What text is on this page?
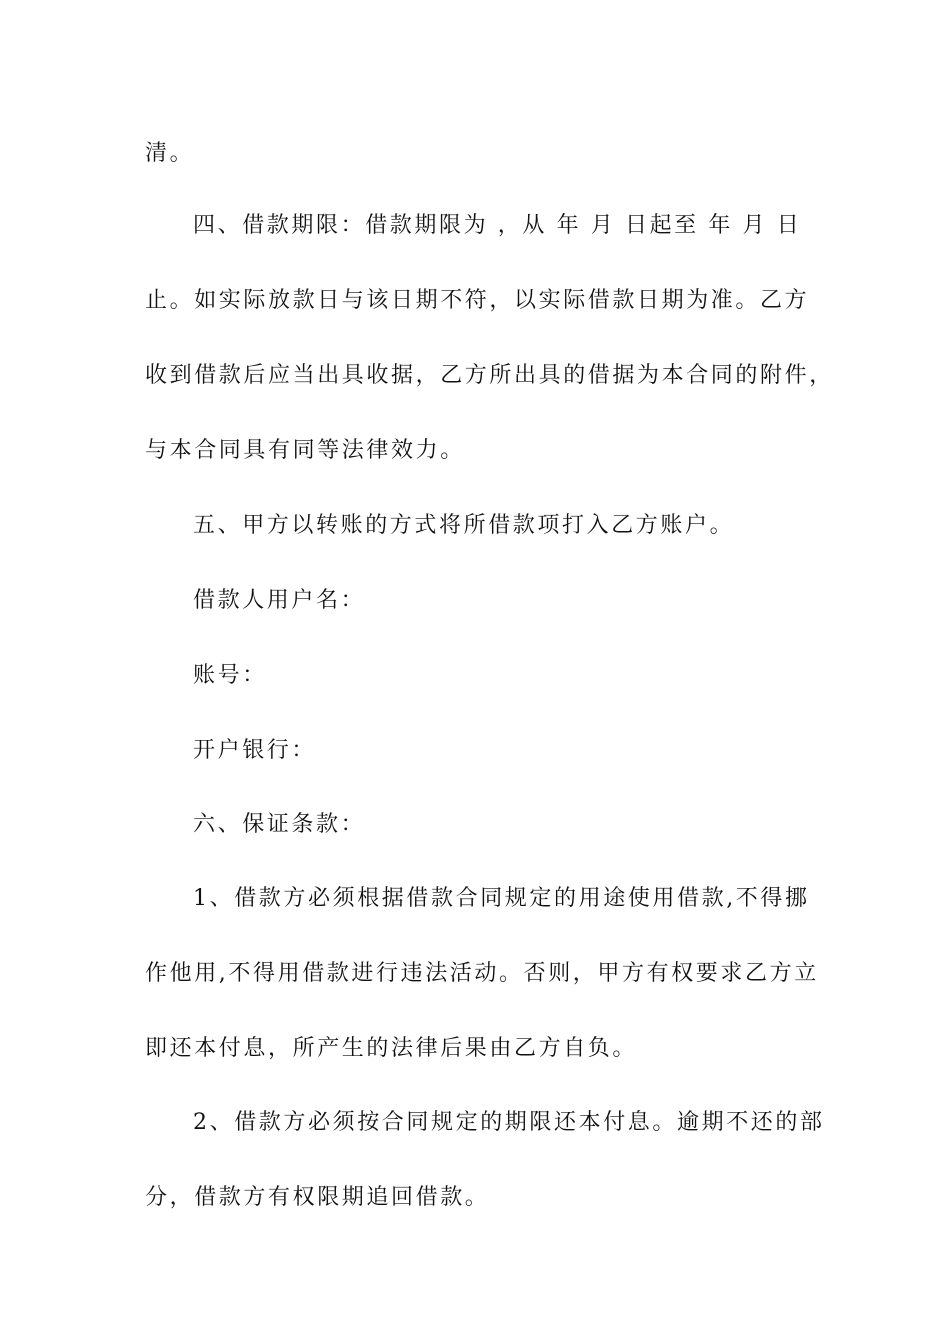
清。
四、借款期限：借款期限为 ，从 年 月 日起至 年 月 日
止。如实际放款日与该日期不符，以实际借款日期为准。乙方
收到借款后应当出具收据，乙方所出具的借据为本合同的附件，
与本合同具有同等法律效力。
五、甲方以转账的方式将所借款项打入乙方账户。
借款人用户名：
账号：
开户银行：
六、保证条款：
1、借款方必须根据借款合同规定的用途使用借款,不得挪
作他用,不得用借款进行违法活动。否则，甲方有权要求乙方立
即还本付息，所产生的法律后果由乙方自负。
2、借款方必须按合同规定的期限还本付息。逾期不还的部
分，借款方有权限期追回借款。
